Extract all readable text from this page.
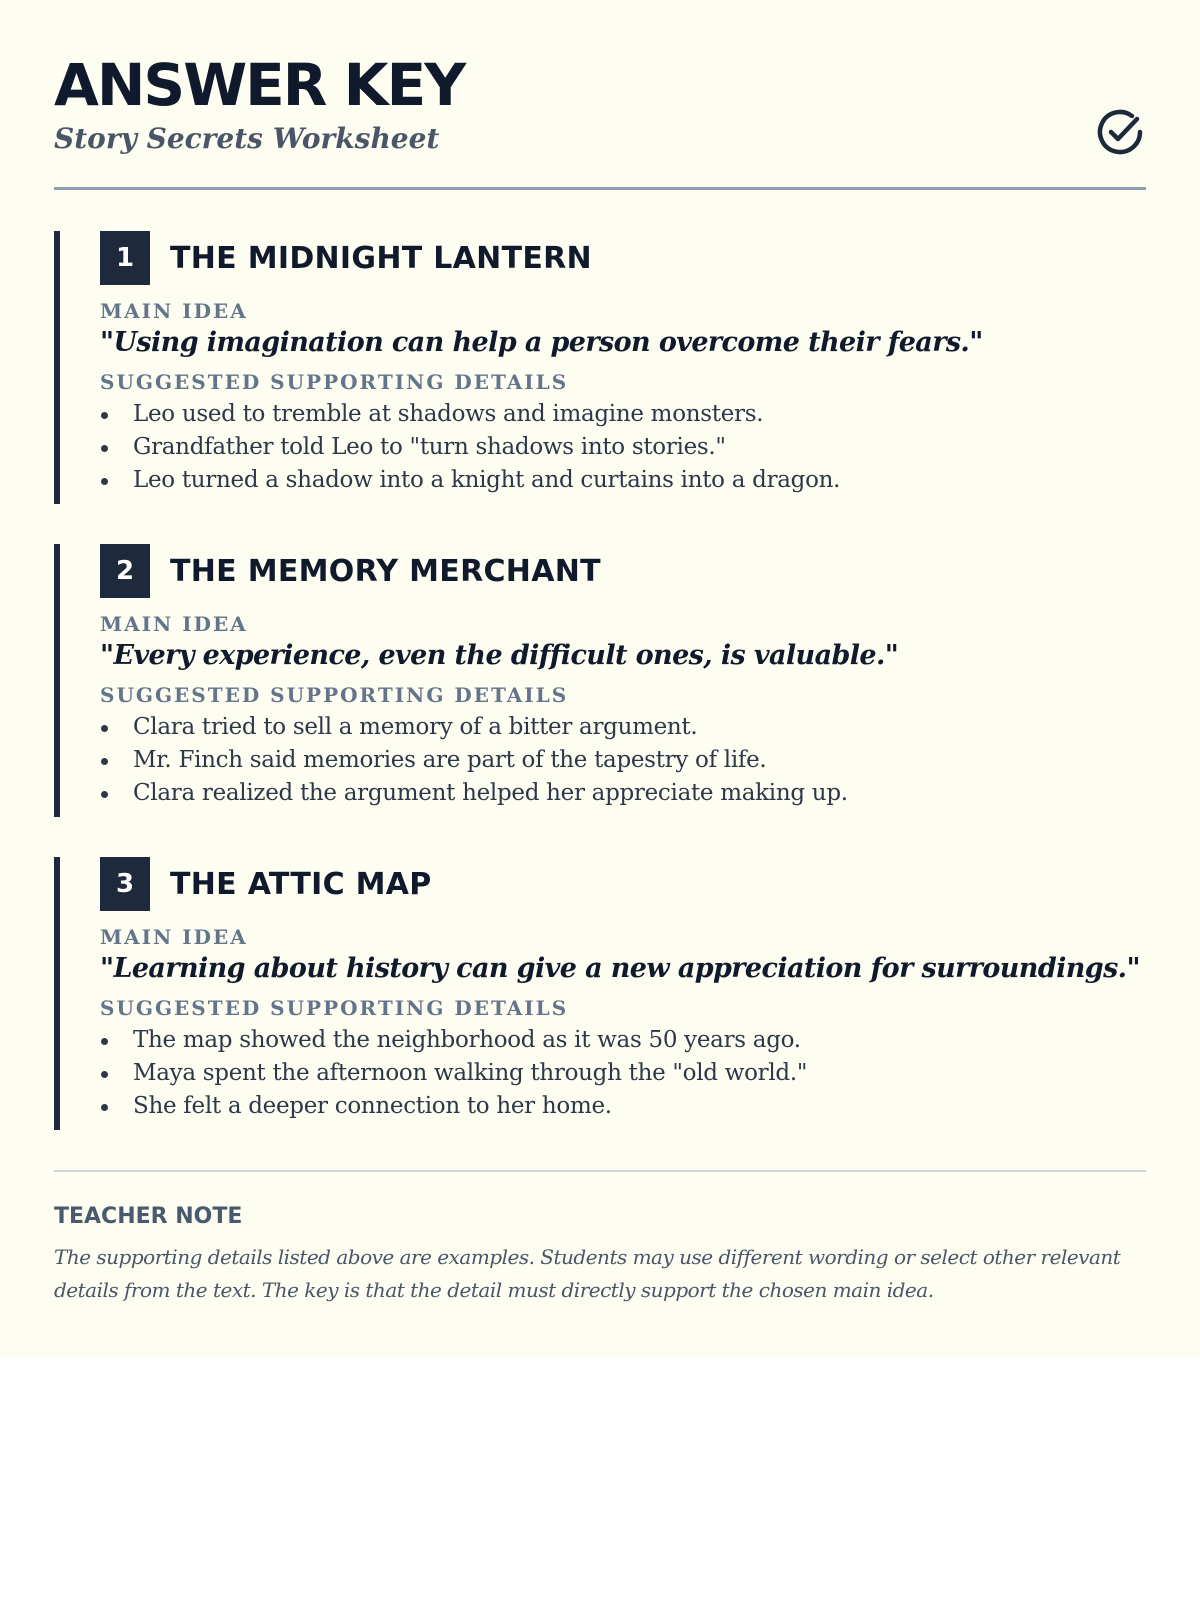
ANSWER KEY
Story Secrets Worksheet
1	THE MIDNIGHT LANTERN
MAIN IDEA
"Using imagination can help a person overcome their fears."
SUGGESTED SUPPORTING DETAILS
Leo used to tremble at shadows and imagine monsters.
Grandfather told Leo to "turn shadows into stories."
Leo turned a shadow into a knight and curtains into a dragon.
2	THE MEMORY MERCHANT
MAIN IDEA
"Every experience, even the difficult ones, is valuable."
SUGGESTED SUPPORTING DETAILS
Clara tried to sell a memory of a bitter argument.
Mr. Finch said memories are part of the tapestry of life.
Clara realized the argument helped her appreciate making up.
3	THE ATTIC MAP
MAIN IDEA
"Learning about history can give a new appreciation for surroundings."
SUGGESTED SUPPORTING DETAILS
The map showed the neighborhood as it was 50 years ago.
Maya spent the afternoon walking through the "old world."
She felt a deeper connection to her home.
TEACHER NOTE
The supporting details listed above are examples. Students may use different wording or select other relevant details from the text. The key is that the detail must directly support the chosen main idea.
